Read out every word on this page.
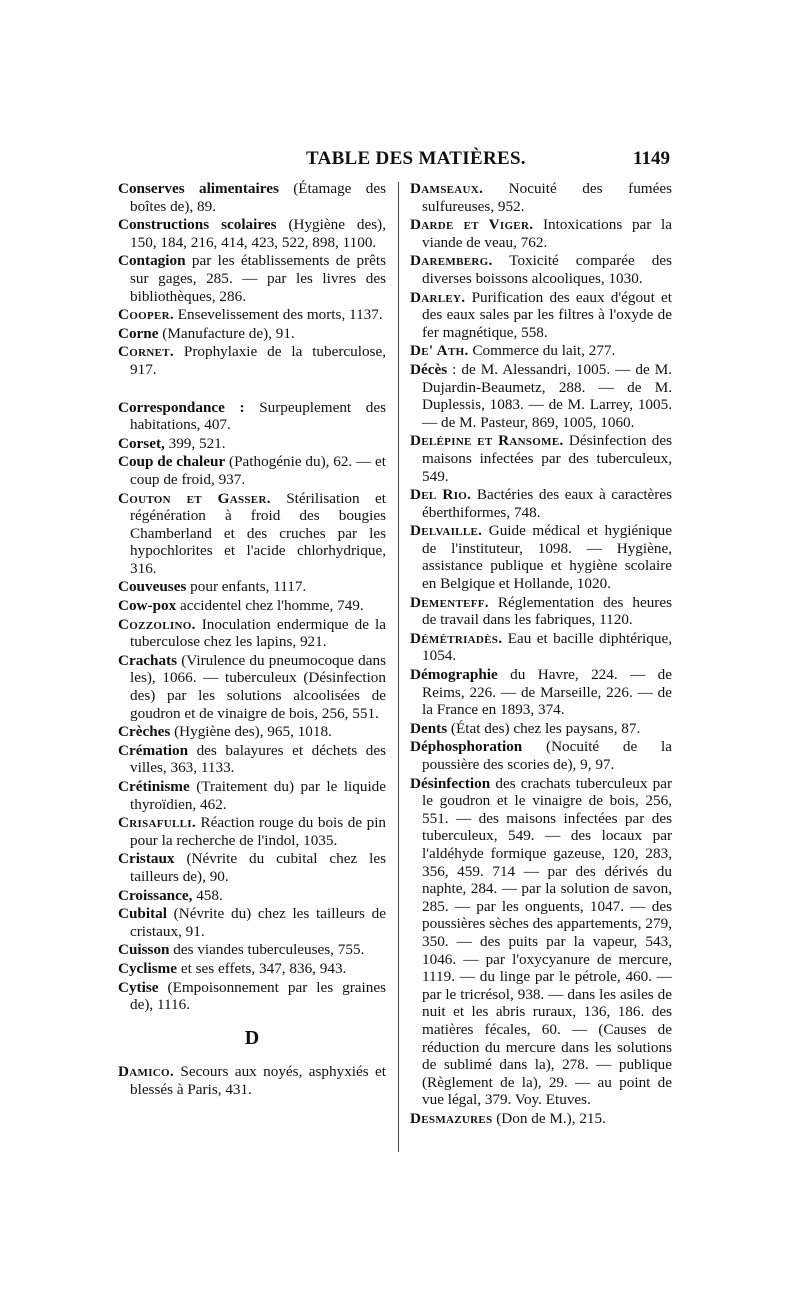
TABLE DES MATIÈRES.	1149

Conserves alimentaires (Étamage des boîtes de), 89.

Constructions scolaires (Hygiène des), 150, 184, 216, 414, 423, 522, 898, 1100.

Contagion par les établissements de prêts sur gages, 285. — par les livres des bibliothèques, 286.

Cooper. Ensevelissement des morts, 1137.

Corne (Manufacture de), 91.

Cornet. Prophylaxie de la tuberculose, 917.

Correspondance : Surpeuplement des habitations, 407.

Corset, 399, 521.

Coup de chaleur (Pathogénie du), 62. — et coup de froid, 937.

Couton et Gasser. Stérilisation et régénération à froid des bougies Chamberland et des cruches par les hypochlorites et l'acide chlorhydrique, 316.

Couveuses pour enfants, 1117.

Cow-pox accidentel chez l'homme, 749.

Cozzolino. Inoculation endermique de la tuberculose chez les lapins, 921.

Crachats (Virulence du pneumocoque dans les), 1066. — tuberculeux (Désinfection des) par les solutions alcoolisées de goudron et de vinaigre de bois, 256, 551.

Crèches (Hygiène des), 965, 1018.

Crémation des balayures et déchets des villes, 363, 1133.

Crétinisme (Traitement du) par le liquide thyroïdien, 462.

Crisafulli. Réaction rouge du bois de pin pour la recherche de l'indol, 1035.

Cristaux (Névrite du cubital chez les tailleurs de), 90.

Croissance, 458.

Cubital (Névrite du) chez les tailleurs de cristaux, 91.

Cuisson des viandes tuberculeuses, 755.

Cyclisme et ses effets, 347, 836, 943.

Cytise (Empoisonnement par les graines de), 1116.

D

Damico. Secours aux noyés, asphyxiés et blessés à Paris, 431.

Damseaux. Nocuité des fumées sulfureuses, 952.

Darde et Viger. Intoxications par la viande de veau, 762.

Daremberg. Toxicité comparée des diverses boissons alcooliques, 1030.

Darley. Purification des eaux d'égout et des eaux sales par les filtres à l'oxyde de fer magnétique, 558.

De' Ath. Commerce du lait, 277.

Décès : de M. Alessandri, 1005. — de M. Dujardin-Beaumetz, 288. — de M. Duplessis, 1083. — de M. Larrey, 1005. — de M. Pasteur, 869, 1005, 1060.

Delépine et Ransome. Désinfection des maisons infectées par des tuberculeux, 549.

Del Rio. Bactéries des eaux à caractères éberthiformes, 748.

Delvaille. Guide médical et hygiénique de l'instituteur, 1098. — Hygiène, assistance publique et hygiène scolaire en Belgique et Hollande, 1020.

Dementeff. Réglementation des heures de travail dans les fabriques, 1120.

Démétriadès. Eau et bacille diphtérique, 1054.

Démographie du Havre, 224. — de Reims, 226. — de Marseille, 226. — de la France en 1893, 374.

Dents (État des) chez les paysans, 87.

Déphosphoration (Nocuité de la poussière des scories de), 9, 97.

Désinfection des crachats tuberculeux par le goudron et le vinaigre de bois, 256, 551. — des maisons infectées par des tuberculeux, 549. — des locaux par l'aldéhyde formique gazeuse, 120, 283, 356, 459. 714 — par des dérivés du naphte, 284. — par la solution de savon, 285. — par les onguents, 1047. — des poussières sèches des appartements, 279, 350. — des puits par la vapeur, 543, 1046. — par l'oxycyanure de mercure, 1119. — du linge par le pétrole, 460. — par le tricrésol, 938. — dans les asiles de nuit et les abris ruraux, 136, 186. des matières fécales, 60. — (Causes de réduction du mercure dans les solutions de sublimé dans la), 278. — publique (Règlement de la), 29. — au point de vue légal, 379. Voy. Etuves.

Desmazures (Don de M.), 215.
